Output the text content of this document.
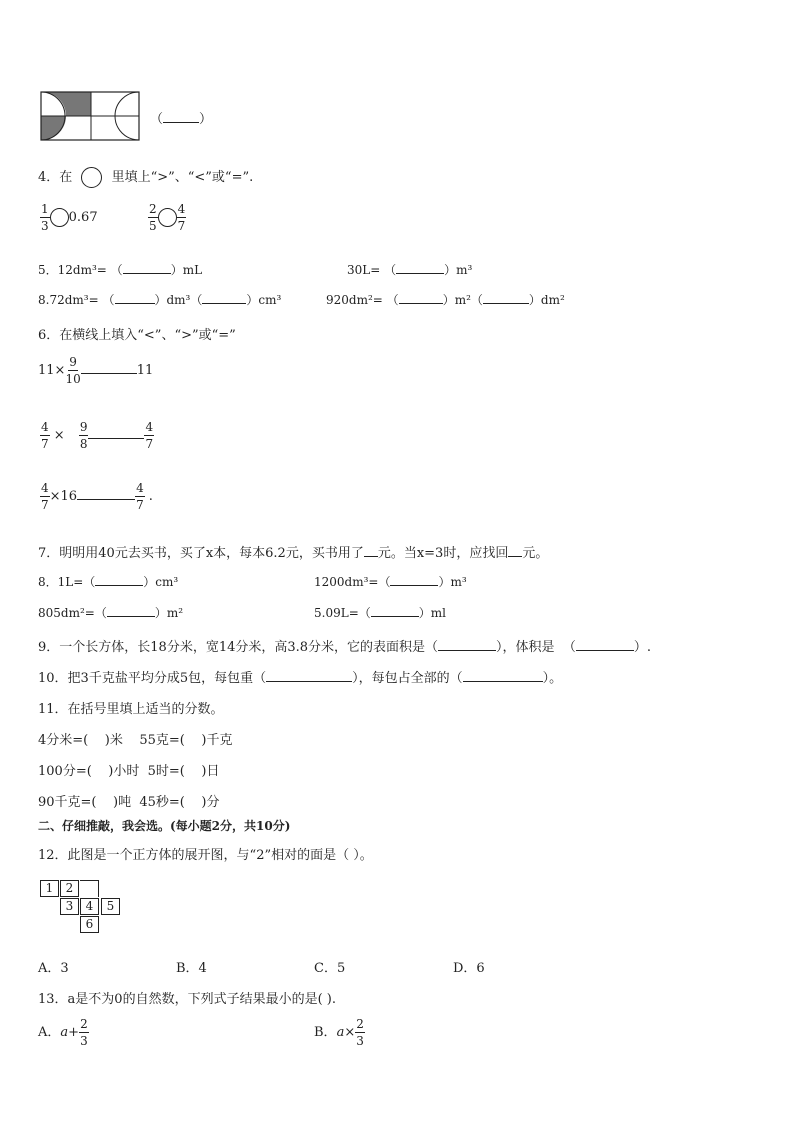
（	）
4．在	里填上“>”、“<”或“=”.
$\frac{1}{3} 0.67$	$\frac{2}{5} \frac{4}{7}$
5．12dm³= （	）mL	30L= （	）m³
8.72dm³= （	）dm³（	）cm³	920dm²= （	）m²（	）dm²
6．在横线上填入“<”、“>”或“=”
$11\times \frac{9}{10}$	11
$\frac{4}{7} \times \frac{9}{8}$	$\frac{4}{7}$
$\frac{4}{7} \times 16$	$\frac{4}{7}$ .
7．明明用40元去买书，买了x本，每本6.2元，买书用了 元。当x=3时，应找回 元。
8．1L=（	）cm³	1200dm³=（	）m³
805dm²=（	）m²	5.09L=（	）ml
9．一个长方体，长18分米，宽14分米，高3.8分米，它的表面积是（	），体积是 （	）.
10．把3千克盐平均分成5包，每包重（	），每包占全部的（	）。
11．在括号里填上适当的分数。
4分米=(    )米    55克=(    )千克
100分=(    )小时  5时=(    )日
90千克=(    )吨  45秒=(    )分
二、仔细推敲，我会选。(每小题2分，共10分)
12．此图是一个正方体的展开图，与“2”相对的面是（ ）。
1	2
3	4	5
6
A．3	B．4	C．5	D．6
13．a是不为0的自然数，下列式子结果最小的是( ).
A．$a+ \frac{2}{3}$	B．$a\times \frac{2}{3}$
